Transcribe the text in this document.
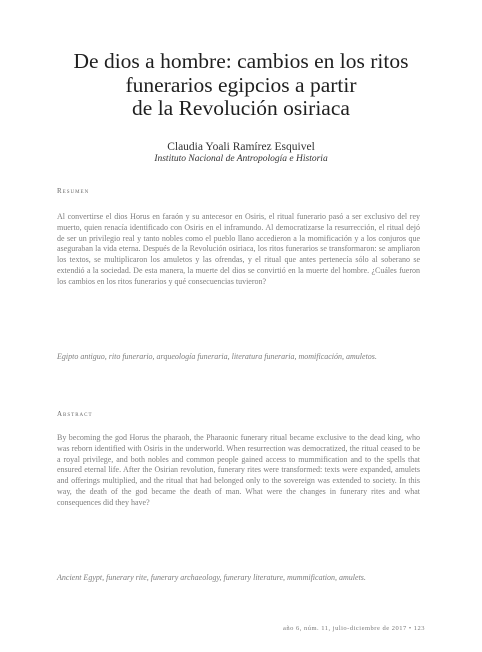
De dios a hombre: cambios en los ritos
funerarios egipcios a partir
de la Revolución osiriaca
Claudia Yoali Ramírez Esquivel
Instituto Nacional de Antropología e Historia
Resumen

Al convertirse el dios Horus en faraón y su antecesor en Osiris, el ritual funerario pasó a ser exclusivo del rey muerto, quien renacía identificado con Osiris en el inframundo. Al democratizarse la resurrección, el ritual dejó de ser un privilegio real y tanto nobles como el pueblo llano accedieron a la momificación y a los conjuros que aseguraban la vida eterna. Después de la Revolución osiriaca, los ritos funerarios se transformaron: se ampliaron los textos, se multiplicaron los amuletos y las ofrendas, y el ritual que antes pertenecía sólo al soberano se extendió a la sociedad. De esta manera, la muerte del dios se convirtió en la muerte del hombre. ¿Cuáles fueron los cambios en los ritos funerarios y qué consecuencias tuvieron?

Egipto antiguo, rito funerario, arqueología funeraria, literatura funeraria, momificación, amuletos.

Abstract

By becoming the god Horus the pharaoh, the Pharaonic funerary ritual became exclusive to the dead king, who was reborn identified with Osiris in the underworld. When resurrection was democratized, the ritual ceased to be a royal privilege, and both nobles and common people gained access to mummification and to the spells that ensured eternal life. After the Osirian revolution, funerary rites were transformed: texts were expanded, amulets and offerings multiplied, and the ritual that had belonged only to the sovereign was extended to society. In this way, the death of the god became the death of man. What were the changes in funerary rites and what consequences did they have?

Ancient Egypt, funerary rite, funerary archaeology, funerary literature, mummification, amulets.

año 6, núm. 11, julio-diciembre de 2017 • 123
